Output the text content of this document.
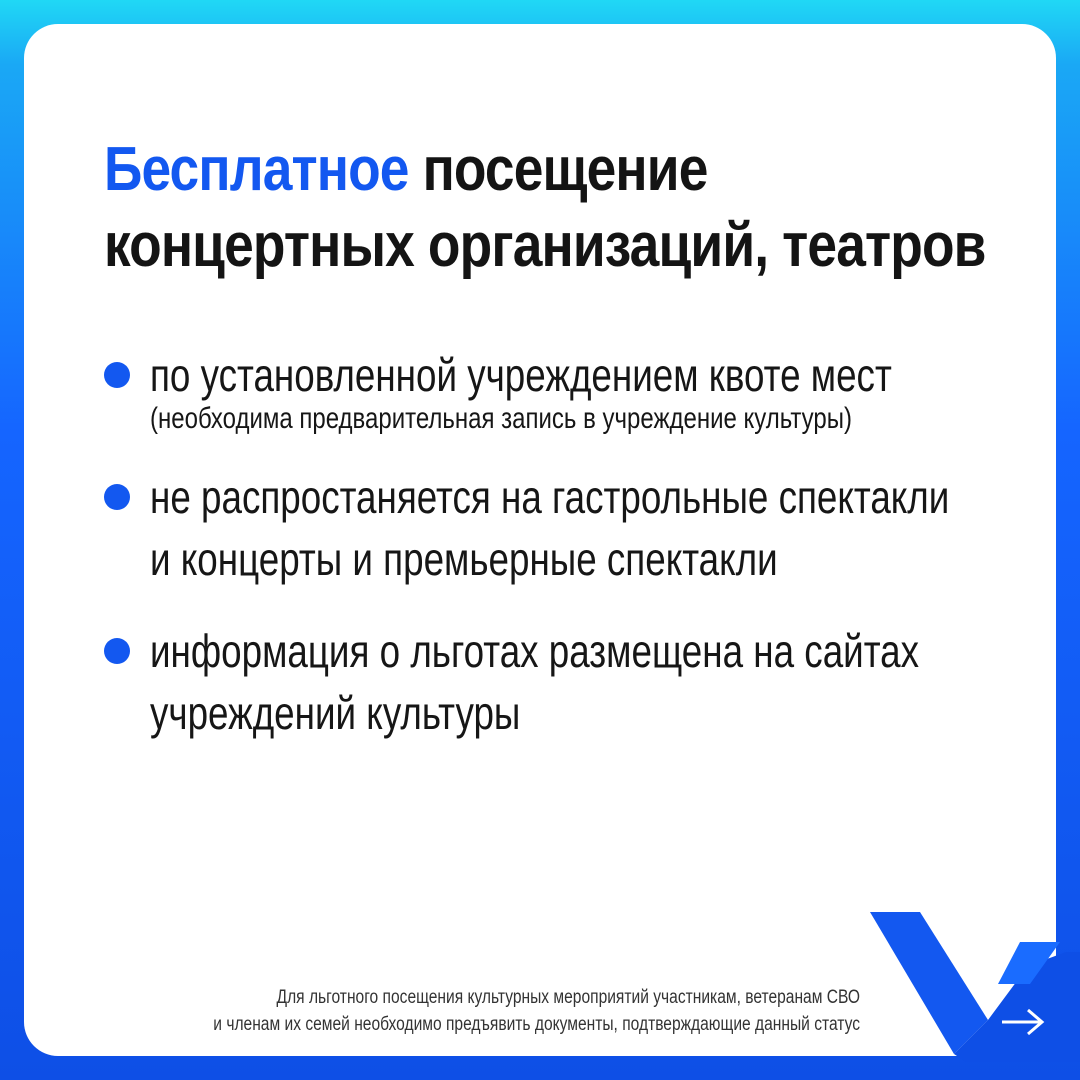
Бесплатное посещение
концертных организаций, театров
по установленной учреждением квоте мест
(необходима предварительная запись в учреждение культуры)
не распростаняется на гастрольные спектакли
и концерты и премьерные спектакли
информация о льготах размещена на сайтах
учреждений культуры
Для льготного посещения культурных мероприятий участникам, ветеранам СВО
и членам их семей необходимо предъявить документы, подтверждающие данный статус
